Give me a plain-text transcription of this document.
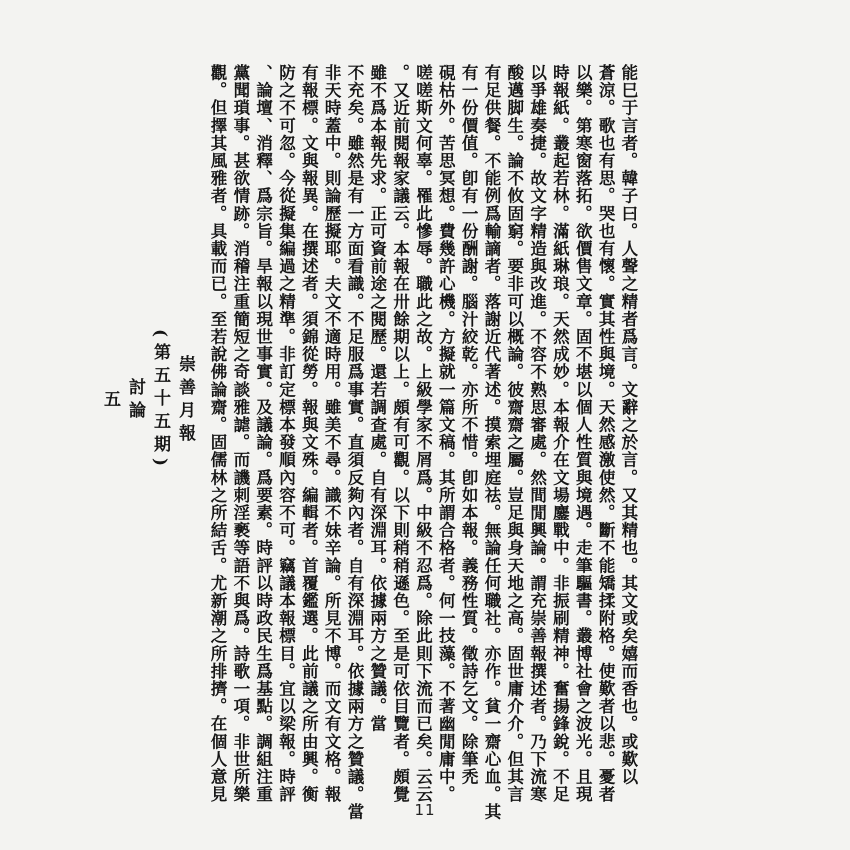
能巳于言者。韓子曰。人聲之精者爲言。文辭之於言。又其精也。其文或矣嬉而香也。或歎以
蒼涼。歌也有思。哭也有懷。實其性與境。天然感激使然。斷不能矯揉附格。使歎者以悲。憂者
以樂。第寒窗落拓。欲價售文章。固不堪以個人性質與境遇。走筆驅書。叢博社會之波光。且現
時報紙。叢起若林。滿紙琳琅。天然成妙。本報介在文場鏖戰中。非振刷精神。奮揚鋒銳。不足
以爭雄奏捷。故文字精造與改進。不容不熟思審處。然間閒興論。謂充崇善報撰述者。乃下流寒
酸邁脚生。論不攸固窮。要非可以概論。彼齋齋之屬。豈足與身天地之高。固世庸介介。但其言
有足供餐。不能例爲輸謫者。落謝近代著述。摸索埋庭祛。無論任何職社。亦作。貧一齋心血。其
有一份價值。卽有一份酬謝。腦汁絞乾。亦所不惜。卽如本報。義務性質。徵詩乞文。除筆禿
硯枯外。苦思冥想。費幾許心機。方擬就一篇文稿。其所謂合格者。何一技藻。不著幽閒庸中。
嗟嗟斯文何辜。罹此慘辱。職此之故。上級學家不屑爲。中級不忍爲。除此則下流而已矣。云云
。又近前閱報家議云。本報在卅餘期以上。頗有可觀。以下則稍稍遜色。至是可依目覽者。頗覺
雖不爲本報先求。正可資前途之閱歷。還若調查處。自有深淵耳。依據兩方之贊議。當
不充矣。雖然是有一方面看識。不足服爲事實。直須反夠內者。自有深淵耳。依據兩方之贊議。當
非天時蓋中。則論歷擬耶。夫文不適時用。雖美不尋。識不妹辛論。所見不博。而文有文格。報
有報標。文與報異。在撰述者。須錦從勞。報與文殊。編輯者。首覆鑑選。此前議之所由興。衡
防之不可忽。今從擬集編過之精準。非訂定標本發順內容不可。竊議本報標目。宜以梁報。時評
、論壇、消釋、爲宗旨。旱報以現世事實。及議論。爲要素。時評以時政民生爲基點。調組注重
黨聞瑣事。甚欲情跡。消稽注重簡短之奇談雅謔。而譏刺淫褻等語不與爲。詩歌一項。非世所樂
觀。但擇其風雅者。具載而已。至若說佛論齋。固儒林之所結舌。尤新潮之所排擠。在個人意見
崇善月報
(第五十五期)
討論
五
11
